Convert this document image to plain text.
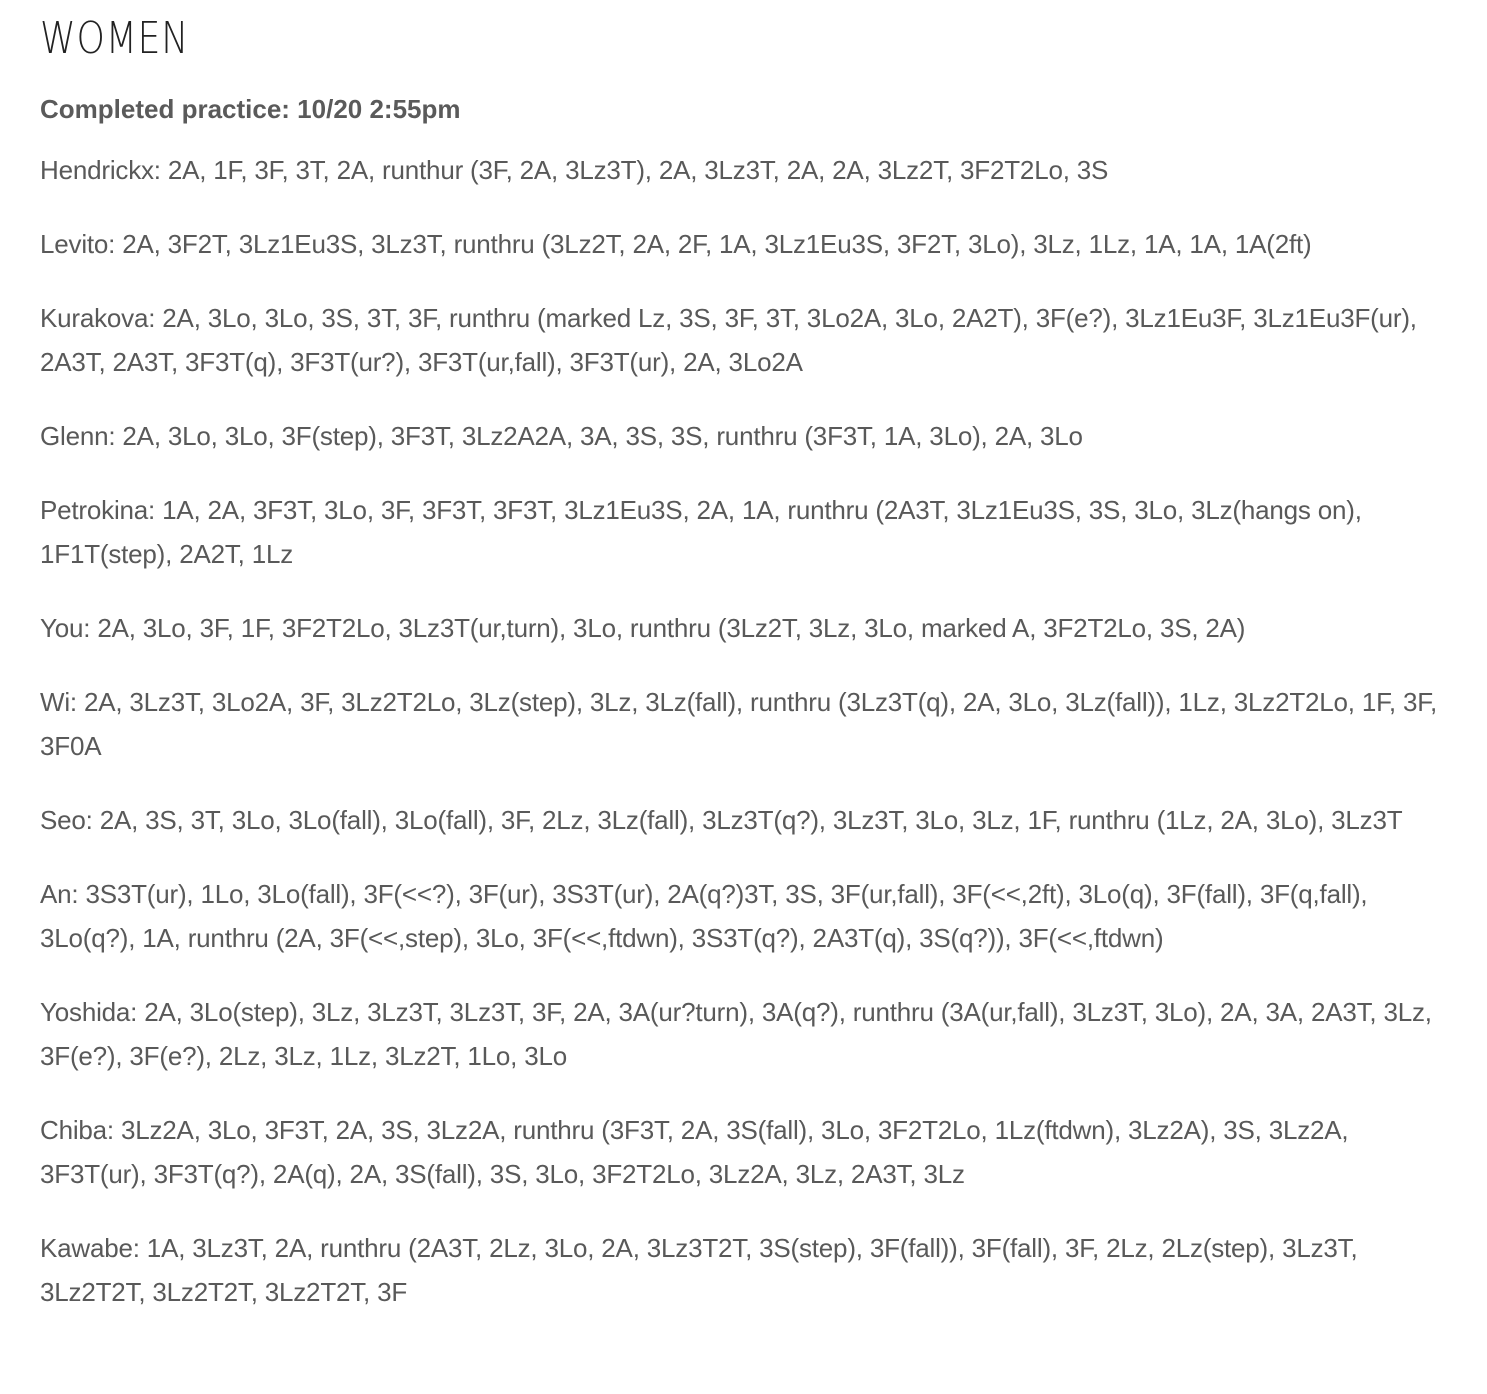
WOMEN
Completed practice: 10/20 2:55pm

Hendrickx: 2A, 1F, 3F, 3T, 2A, runthur (3F, 2A, 3Lz3T), 2A, 3Lz3T, 2A, 2A, 3Lz2T, 3F2T2Lo, 3S

Levito: 2A, 3F2T, 3Lz1Eu3S, 3Lz3T, runthru (3Lz2T, 2A, 2F, 1A, 3Lz1Eu3S, 3F2T, 3Lo), 3Lz, 1Lz, 1A, 1A, 1A(2ft)

Kurakova: 2A, 3Lo, 3Lo, 3S, 3T, 3F, runthru (marked Lz, 3S, 3F, 3T, 3Lo2A, 3Lo, 2A2T), 3F(e?), 3Lz1Eu3F, 3Lz1Eu3F(ur), 2A3T, 2A3T, 3F3T(q), 3F3T(ur?), 3F3T(ur,fall), 3F3T(ur), 2A, 3Lo2A

Glenn: 2A, 3Lo, 3Lo, 3F(step), 3F3T, 3Lz2A2A, 3A, 3S, 3S, runthru (3F3T, 1A, 3Lo), 2A, 3Lo

Petrokina: 1A, 2A, 3F3T, 3Lo, 3F, 3F3T, 3F3T, 3Lz1Eu3S, 2A, 1A, runthru (2A3T, 3Lz1Eu3S, 3S, 3Lo, 3Lz(hangs on), 1F1T(step), 2A2T, 1Lz

You: 2A, 3Lo, 3F, 1F, 3F2T2Lo, 3Lz3T(ur,turn), 3Lo, runthru (3Lz2T, 3Lz, 3Lo, marked A, 3F2T2Lo, 3S, 2A)

Wi: 2A, 3Lz3T, 3Lo2A, 3F, 3Lz2T2Lo, 3Lz(step), 3Lz, 3Lz(fall), runthru (3Lz3T(q), 2A, 3Lo, 3Lz(fall)), 1Lz, 3Lz2T2Lo, 1F, 3F, 3F0A

Seo: 2A, 3S, 3T, 3Lo, 3Lo(fall), 3Lo(fall), 3F, 2Lz, 3Lz(fall), 3Lz3T(q?), 3Lz3T, 3Lo, 3Lz, 1F, runthru (1Lz, 2A, 3Lo), 3Lz3T

An: 3S3T(ur), 1Lo, 3Lo(fall), 3F(<<?), 3F(ur), 3S3T(ur), 2A(q?)3T, 3S, 3F(ur,fall), 3F(<<,2ft), 3Lo(q), 3F(fall), 3F(q,fall), 3Lo(q?), 1A, runthru (2A, 3F(<<,step), 3Lo, 3F(<<,ftdwn), 3S3T(q?), 2A3T(q), 3S(q?)), 3F(<<,ftdwn)

Yoshida: 2A, 3Lo(step), 3Lz, 3Lz3T, 3Lz3T, 3F, 2A, 3A(ur?turn), 3A(q?), runthru (3A(ur,fall), 3Lz3T, 3Lo), 2A, 3A, 2A3T, 3Lz, 3F(e?), 3F(e?), 2Lz, 3Lz, 1Lz, 3Lz2T, 1Lo, 3Lo

Chiba: 3Lz2A, 3Lo, 3F3T, 2A, 3S, 3Lz2A, runthru (3F3T, 2A, 3S(fall), 3Lo, 3F2T2Lo, 1Lz(ftdwn), 3Lz2A), 3S, 3Lz2A, 3F3T(ur), 3F3T(q?), 2A(q), 2A, 3S(fall), 3S, 3Lo, 3F2T2Lo, 3Lz2A, 3Lz, 2A3T, 3Lz

Kawabe: 1A, 3Lz3T, 2A, runthru (2A3T, 2Lz, 3Lo, 2A, 3Lz3T2T, 3S(step), 3F(fall)), 3F(fall), 3F, 2Lz, 2Lz(step), 3Lz3T, 3Lz2T2T, 3Lz2T2T, 3Lz2T2T, 3F
